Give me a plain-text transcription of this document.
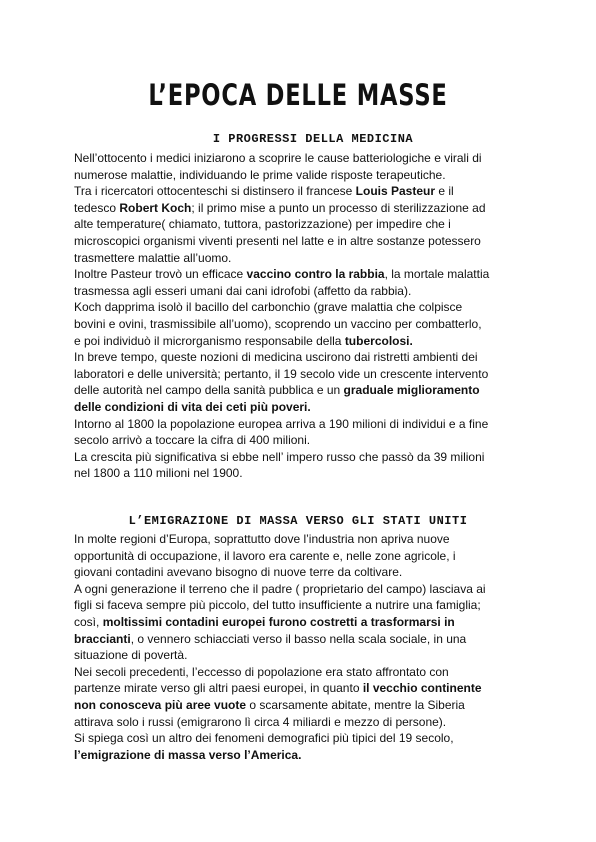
L’EPOCA DELLE MASSE
I PROGRESSI DELLA MEDICINA

Nell’ottocento i medici iniziarono a scoprire le cause batteriologiche e virali di

numerose malattie, individuando le prime valide risposte terapeutiche.

Tra i ricercatori ottocenteschi si distinsero il francese Louis Pasteur e il

tedesco Robert Koch; il primo mise a punto un processo di sterilizzazione ad

alte temperature( chiamato, tuttora, pastorizzazione) per impedire che i

microscopici organismi viventi presenti nel latte e in altre sostanze potessero

trasmettere malattie all’uomo.

Inoltre Pasteur trovò un efficace vaccino contro la rabbia, la mortale malattia

trasmessa agli esseri umani dai cani idrofobi (affetto da rabbia).

Koch dapprima isolò il bacillo del carbonchio (grave malattia che colpisce

bovini e ovini, trasmissibile all’uomo), scoprendo un vaccino per combatterlo,

e poi individuò il microrganismo responsabile della tubercolosi.

In breve tempo, queste nozioni di medicina uscirono dai ristretti ambienti dei

laboratori e delle università; pertanto, il 19 secolo vide un crescente intervento

delle autorità nel campo della sanità pubblica e un graduale miglioramento

delle condizioni di vita dei ceti più poveri.

Intorno al 1800 la popolazione europea arriva a 190 milioni di individui e a fine

secolo arrivò a toccare la cifra di 400 milioni.

La crescita più significativa si ebbe nell’ impero russo che passò da 39 milioni

nel 1800 a 110 milioni nel 1900.

L’EMIGRAZIONE DI MASSA VERSO GLI STATI UNITI

In molte regioni d’Europa, soprattutto dove l’industria non apriva nuove

opportunità di occupazione, il lavoro era carente e, nelle zone agricole, i

giovani contadini avevano bisogno di nuove terre da coltivare.

A ogni generazione il terreno che il padre ( proprietario del campo) lasciava ai

figli si faceva sempre più piccolo, del tutto insufficiente a nutrire una famiglia;

così, moltissimi contadini europei furono costretti a trasformarsi in

braccianti, o vennero schiacciati verso il basso nella scala sociale, in una

situazione di povertà.

Nei secoli precedenti, l’eccesso di popolazione era stato affrontato con

partenze mirate verso gli altri paesi europei, in quanto il vecchio continente

non conosceva più aree vuote o scarsamente abitate, mentre la Siberia

attirava solo i russi (emigrarono lì circa 4 miliardi e mezzo di persone).

Si spiega così un altro dei fenomeni demografici più tipici del 19 secolo,

l’emigrazione di massa verso l’America.
